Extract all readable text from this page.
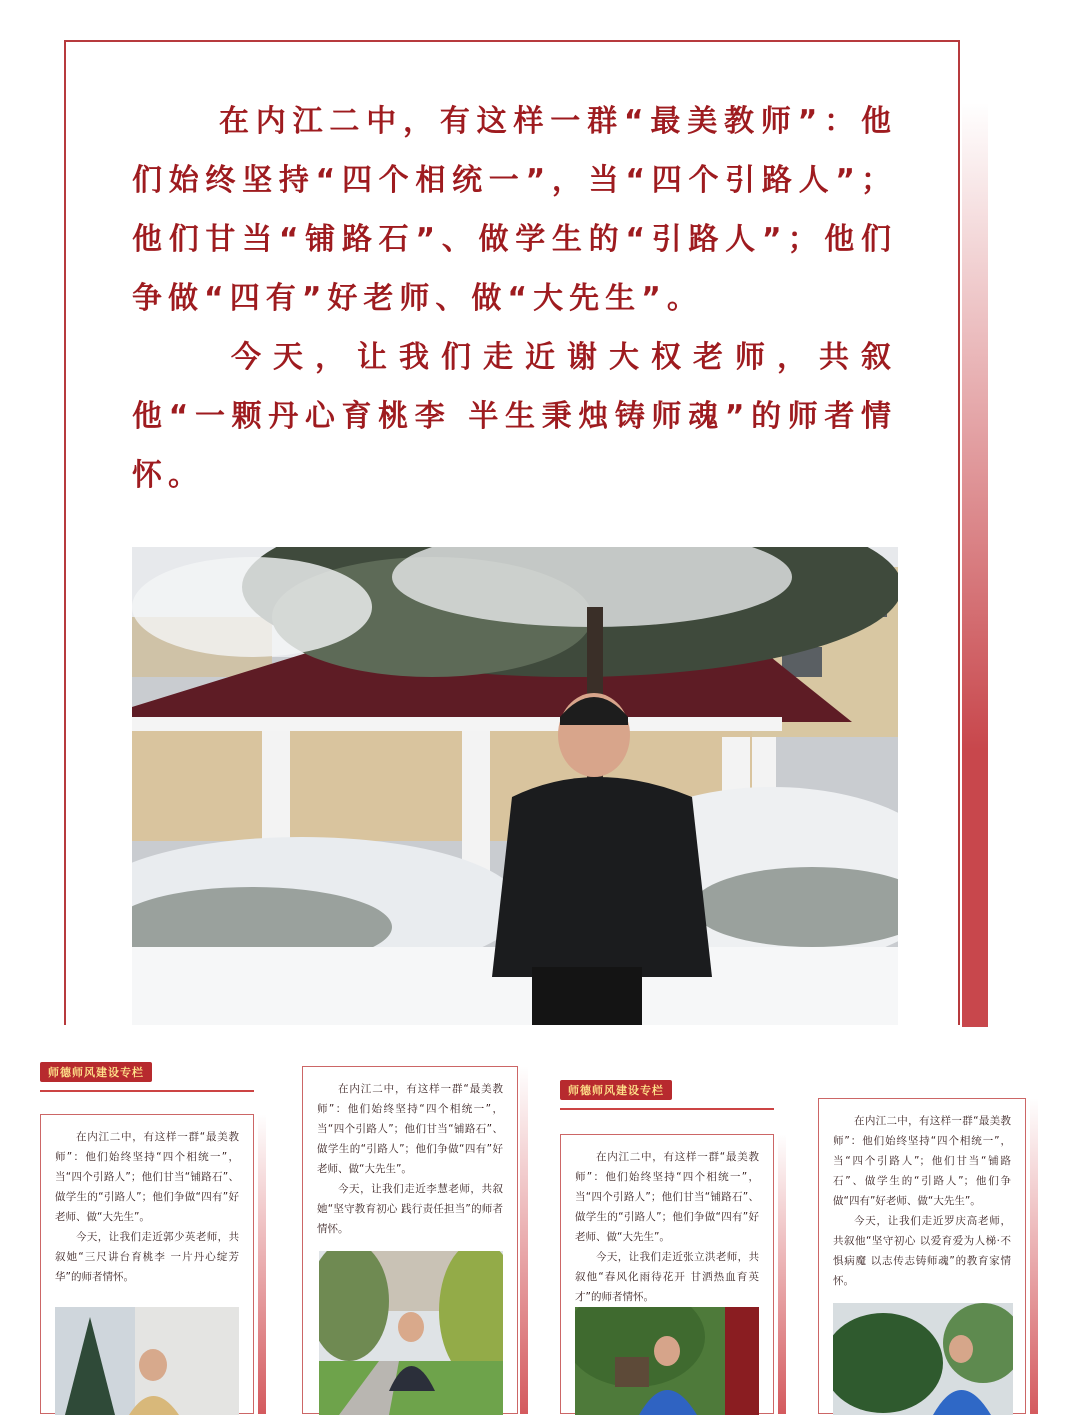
在内江二中，有这样一群“最美教师”：他们始终坚持“四个相统一”，当“四个引路人”；他们甘当“铺路石”、做学生的“引路人”；他们争做“四有”好老师、做“大先生”。

今天，让我们走近谢大权老师，共叙他“一颗丹心育桃李 半生秉烛铸师魂”的师者情怀。

师德师风建设专栏

在内江二中，有这样一群“最美教师”：他们始终坚持“四个相统一”，当“四个引路人”；他们甘当“铺路石”、做学生的“引路人”；他们争做“四有”好老师、做“大先生”。

今天，让我们走近郭少英老师，共叙她“三尺讲台育桃李 一片丹心绽芳华”的师者情怀。

在内江二中，有这样一群“最美教师”：他们始终坚持“四个相统一”，当“四个引路人”；他们甘当“铺路石”、做学生的“引路人”；他们争做“四有”好老师、做“大先生”。

今天，让我们走近李慧老师，共叙她“坚守教育初心 践行责任担当”的师者情怀。

师德师风建设专栏

在内江二中，有这样一群“最美教师”：他们始终坚持“四个相统一”，当“四个引路人”；他们甘当“铺路石”、做学生的“引路人”；他们争做“四有”好老师、做“大先生”。

今天，让我们走近张立洪老师，共叙他“春风化雨待花开 甘洒热血育英才”的师者情怀。

在内江二中，有这样一群“最美教师”：他们始终坚持“四个相统一”，当“四个引路人”；他们甘当“铺路石”、做学生的“引路人”；他们争做“四有”好老师、做“大先生”。

今天，让我们走近罗庆高老师，共叙他“坚守初心 以爱育爱为人梯·不惧病魔 以志传志铸师魂”的教育家情怀。
